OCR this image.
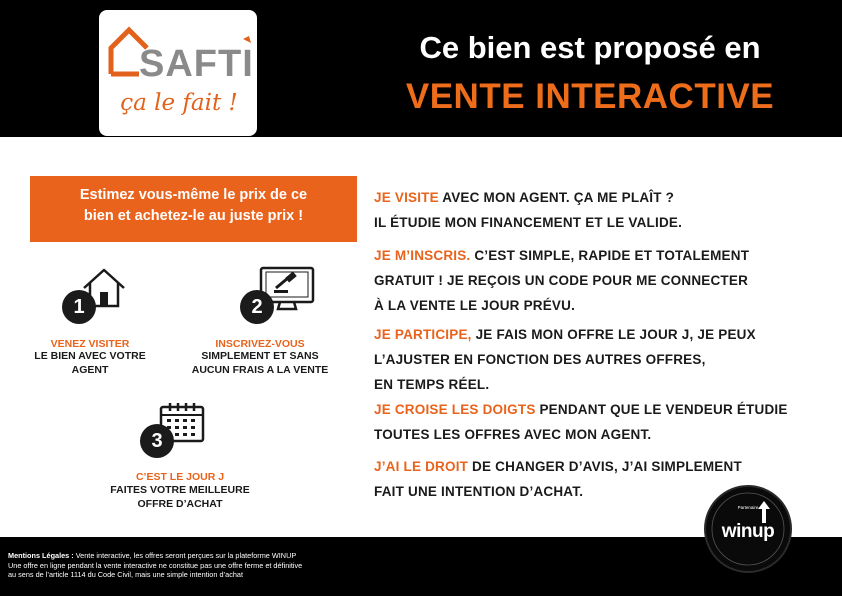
SAFTI
ça le fait !
Ce bien est proposé en
VENTE INTERACTIVE
Estimez vous-même le prix de ce
bien et achetez-le au juste prix !
1
VENEZ VISITER
LE BIEN AVEC VOTRE
AGENT
2
INSCRIVEZ-VOUS
SIMPLEMENT ET SANS
AUCUN FRAIS A LA VENTE
3
C’EST LE JOUR J
FAITES VOTRE MEILLEURE
OFFRE D’ACHAT
JE VISITE AVEC MON AGENT. ÇA ME PLAÎT ?
IL ÉTUDIE MON FINANCEMENT ET LE VALIDE.
JE M’INSCRIS. C’EST SIMPLE, RAPIDE ET TOTALEMENT
GRATUIT ! JE REÇOIS UN CODE POUR ME CONNECTER
À LA VENTE LE JOUR PRÉVU.
JE PARTICIPE, JE FAIS MON OFFRE LE JOUR J, JE PEUX
L’AJUSTER EN FONCTION DES AUTRES OFFRES,
EN TEMPS RÉEL.
JE CROISE LES DOIGTS PENDANT QUE LE VENDEUR ÉTUDIE
TOUTES LES OFFRES AVEC MON AGENT.
J’AI LE DROIT DE CHANGER D’AVIS, J’AI SIMPLEMENT
FAIT UNE INTENTION D’ACHAT.
Partenaire
winup
Mentions Légales : Vente interactive, les offres seront perçues sur la plateforme WINUP
Une offre en ligne pendant la vente interactive ne constitue pas une offre ferme et définitive
au sens de l’article 1114 du Code Civil, mais une simple intention d’achat
